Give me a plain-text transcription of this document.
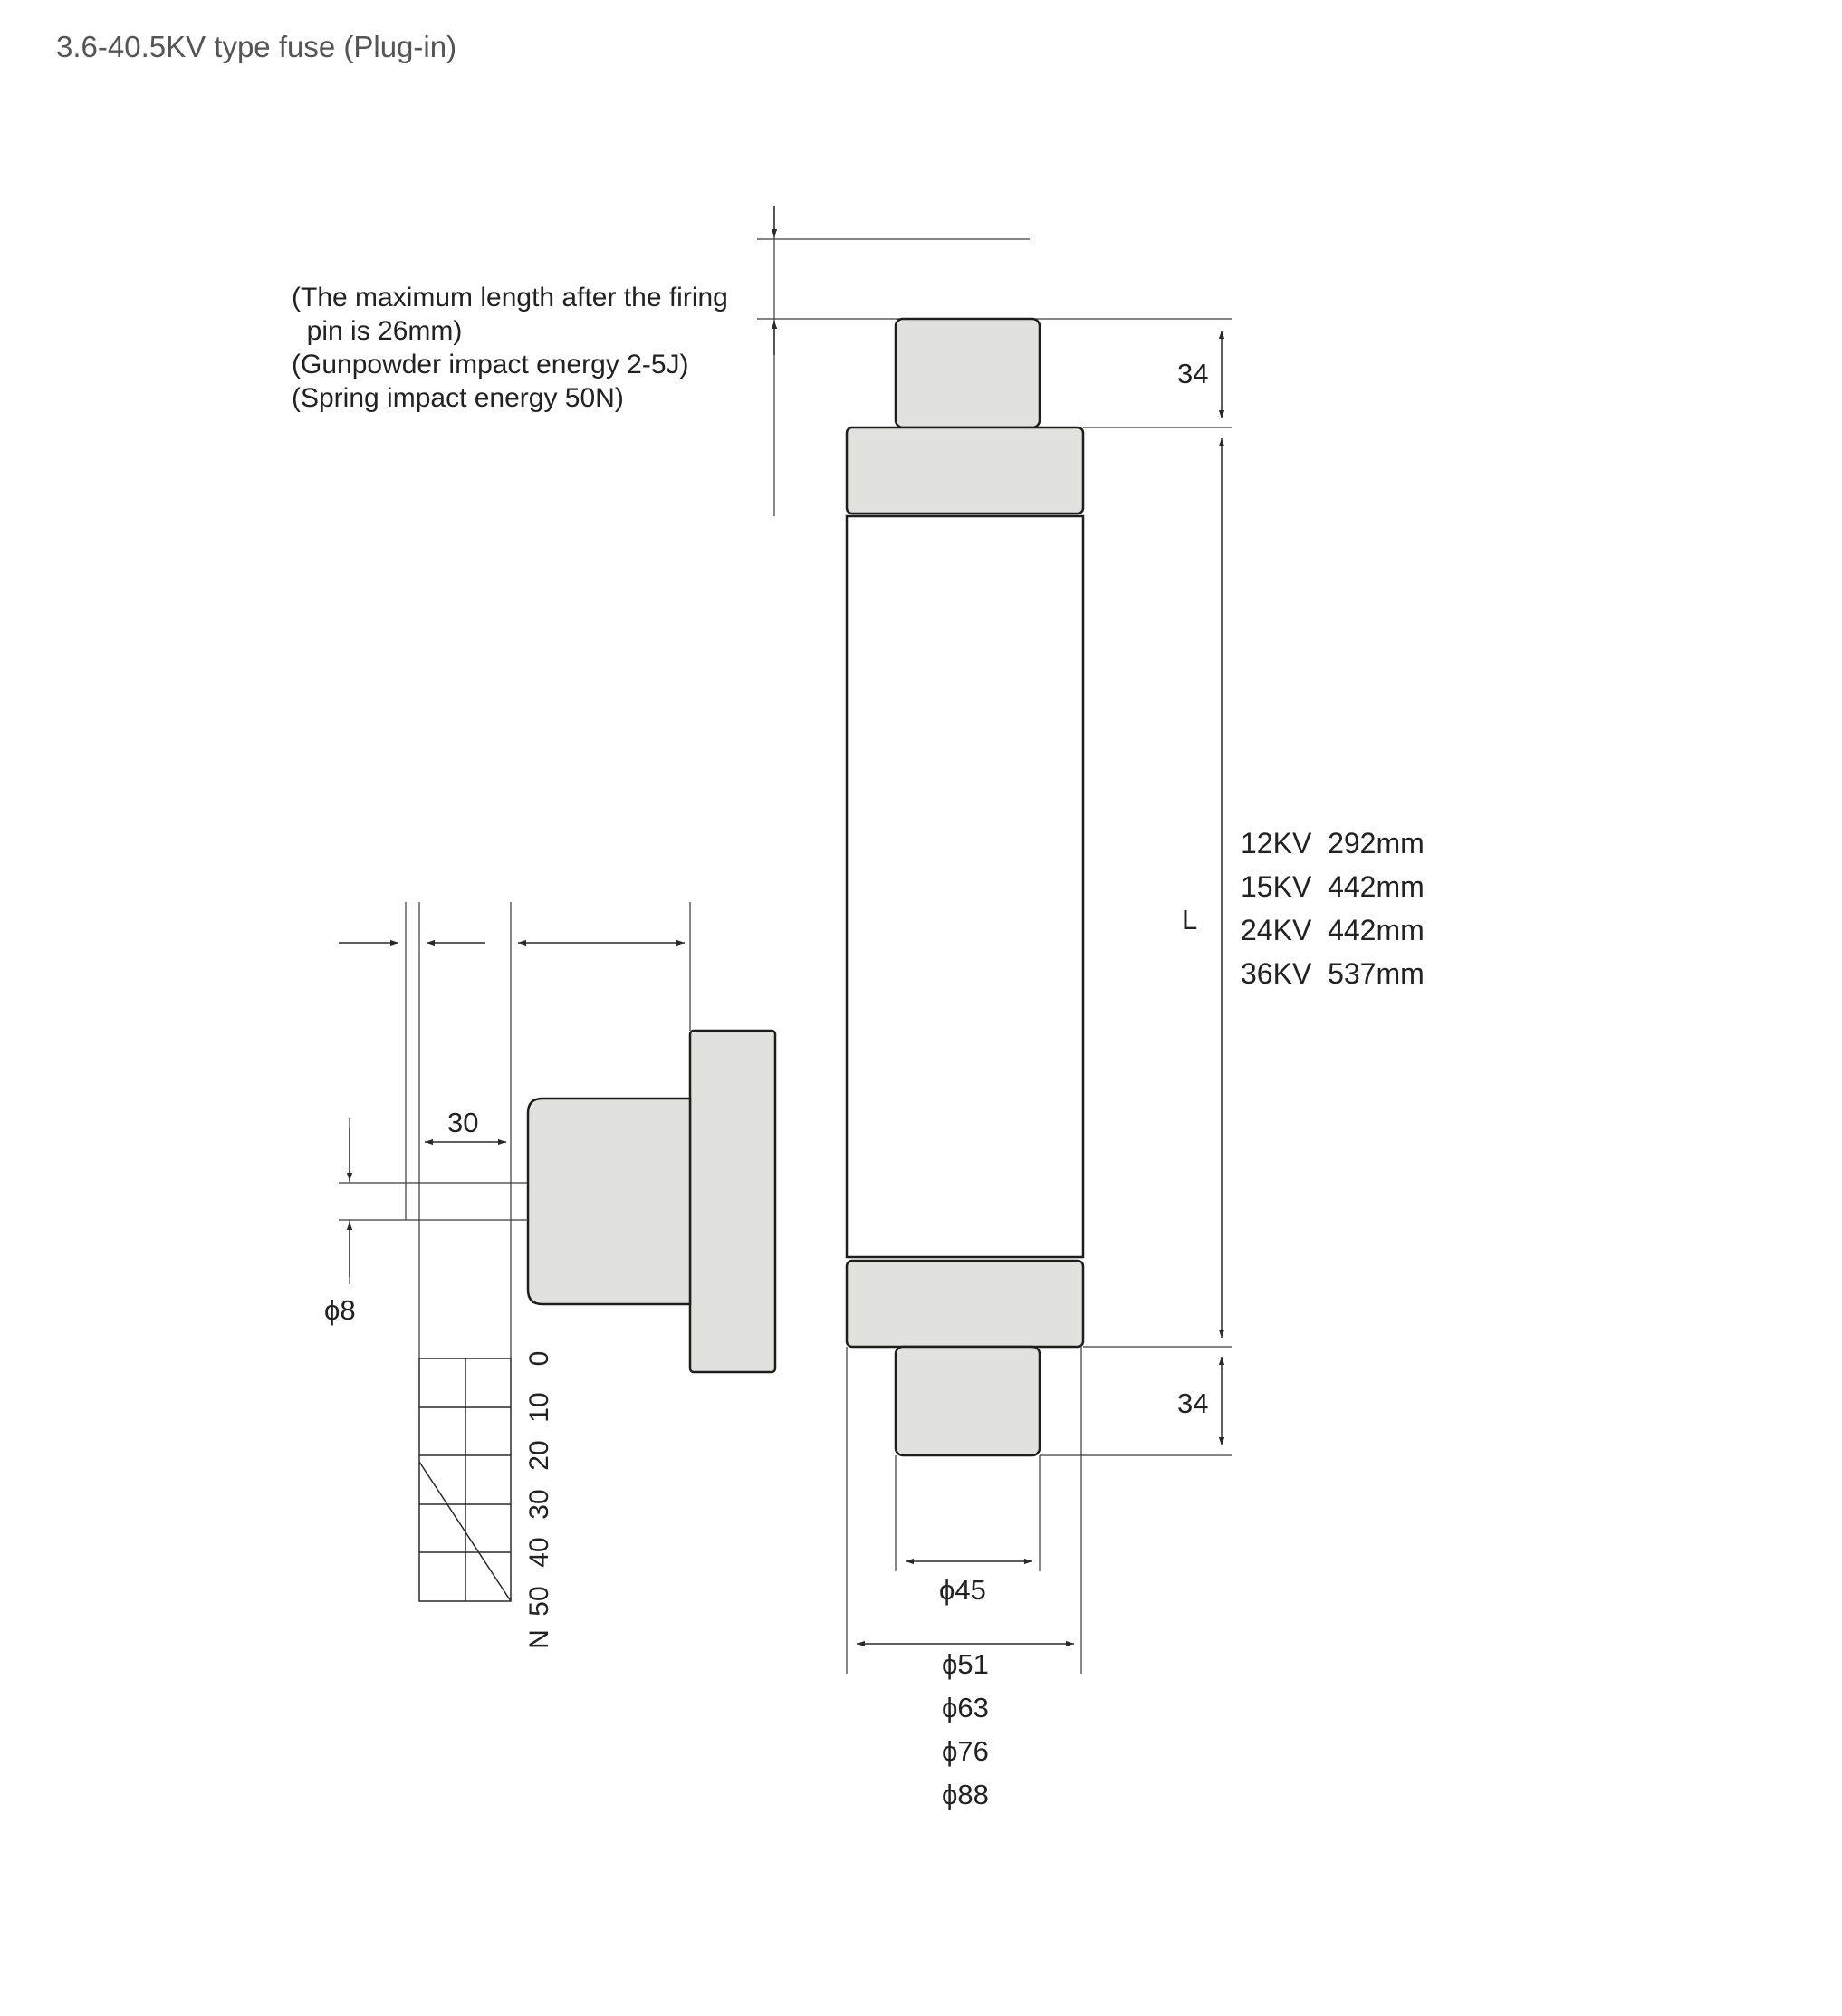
3.6-40.5KV type fuse (Plug-in)
(The maximum length after the firing
pin is 26mm)
(Gunpowder impact energy 2-5J)
(Spring impact energy 50N)
34
34
L
12KV  292mm
15KV  442mm
24KV  442mm
36KV  537mm
ϕ45
ϕ51
ϕ63
ϕ76
ϕ88
30
ϕ8
0
10
20
30
40
50
N
